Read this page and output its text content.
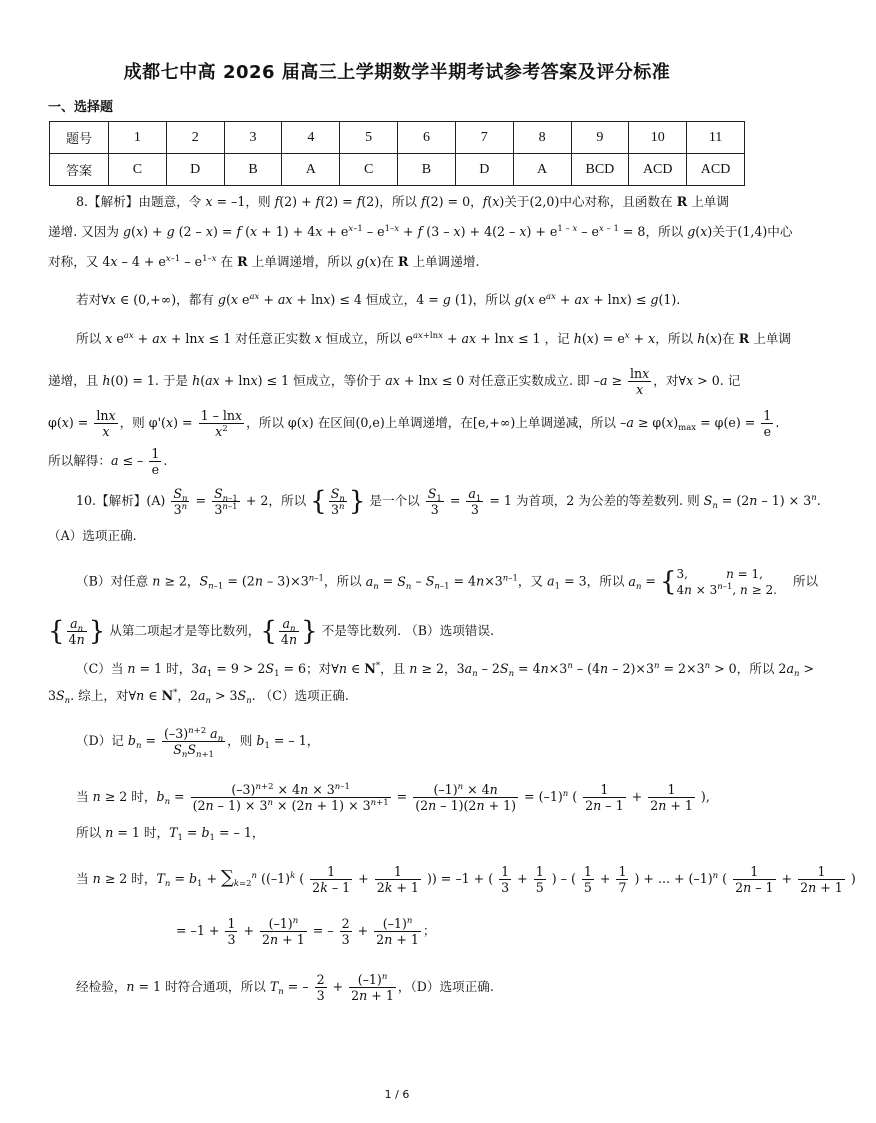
成都七中高 2026 届高三上学期数学半期考试参考答案及评分标准
一、选择题
题号	1	2	3	4	5	6	7	8	9	10	11
答案	C	D	B	A	C	B	D	A	BCD	ACD	ACD
8.【解析】由题意，令 x = –1，则 f(2) + f(2) = f(2)，所以 f(2) = 0，f(x)关于(2,0)中心对称，且函数在 R 上单调
递增. 又因为 g(x) + g (2 – x) = f $(x + 1) + 4x + e^{x-1} - e^{1-x} + f$ $(3 - x) + 4(2 - x) + e^{1 - x} - e^{x - 1} = 8$，所以 g(x)关于(1,4)中心
对称，又 $4x - 4 + e^{x-1} - e^{1-x}$ 在 R 上单调递增，所以 g(x)在 R 上单调递增.
若对∀x ∈ (0,+∞)，都有 g(x $e^{ax}$ + ax + lnx) ≤ 4 恒成立，4 = g (1)，所以 g(x $e^{ax}$ + ax + lnx) ≤ g(1).
所以 x $e^{ax}$ + ax + lnx ≤ 1 对任意正实数 x 恒成立，所以 $e^{ax+lnx}$ + ax + lnx ≤ 1 ，记 $h(x) = e^x + x$，所以 h(x)在 R 上单调
递增，且 h(0) = 1. 于是 h(ax + lnx) ≤ 1 恒成立，等价于 ax + lnx ≤ 0 对任意正实数成立. 即 $-a \ge \frac{\ln x}{x}$ ，对∀x > 0. 记
$\varphi(x) = \frac{\ln x}{x}$ ，则 $\varphi'(x) = \frac{1 - \ln x}{x^2}$ ，所以 φ(x) 在区间(0,e)上单调递增，在[e,+∞)上单调递减，所以 $-a \ge \varphi(x)_{max} = \varphi(e) = \frac{1}{e}$ .
所以解得：a ≤ – $\frac{1}{e}$ .
10.【解析】$(A) \frac{S_n}{3^n} = \frac{S_{n-1}}{3^{n-1}} + 2$，所以 { $\frac{S_n}{3^n}$ } 是一个以 $\frac{S_1}{3} = \frac{a_1}{3} = 1$ 为首项，2 为公差的等差数列. 则 $S_n = (2n - 1) \times 3^n$.
（A）选项正确.
（B）对任意 n ≥ 2，$S_{n-1} = (2n - 3)\times 3^{n-1}$，所以 $a_n = S_n - S_{n-1} = 4n\times 3^{n-1}$，又 $a_1 = 3$，所以 $a_n = \{3$,          n = 1,
$4n \times 3^{n-1}$, n ≥ 2.    所以
{ $\frac{a_n}{4n}$ } 从第二项起才是等比数列，{ $\frac{a_n}{4n}$ } 不是等比数列. （B）选项错误.
（C）当 n = 1 时，$3a_1 = 9 > 2S_1 = 6$；对∀n ∈ N*，且 n ≥ 2，$3a_n - 2S_n = 4n\times 3^n - (4n - 2)\times 3^n = 2\times 3^n > 0$，所以 $2a_n$ >
$3S_n$. 综上，对∀n ∈ N*，$2a_n > 3S_n$. （C）选项正确.
（D）记 $b_n = \frac{(-3)^{n+2} a_n}{S_nS_{n+1}}$ ，则 $b_1$ = – 1，
当 n ≥ 2 时，$b_n = \frac{(-3)^{n+2} \times 4n \times 3^{n-1}}{(2n - 1) \times 3^n \times (2n + 1) \times 3^{n+1}} = \frac{(-1)^n \times 4n}{(2n - 1)(2n + 1)} = (-1)^n$ ( $\frac{1}{2n - 1} + \frac{1}{2n + 1}$ ),
所以 n = 1 时，$T_1 = b_1$ = – 1，
当 n ≥ 2 时，$T_n = b_1 + \sum_{k=2}^n$ ($(-1)^k$ ( $\frac{1}{2k - 1} + \frac{1}{2k + 1}$ )) = –1 + ( $\frac{1}{3} + \frac{1}{5}$ ) – ( $\frac{1}{5} + \frac{1}{7}$ ) + ... + $(-1)^n$ ( $\frac{1}{2n - 1} + \frac{1}{2n + 1}$ )
= $-1 + \frac{1}{3} + \frac{(-1)^n}{2n + 1}$ = – $\frac{2}{3} + \frac{(-1)^n}{2n + 1}$ ；
经检验，n = 1 时符合通项，所以 $T_n$ = – $\frac{2}{3} + \frac{(-1)^n}{2n + 1}$ ，（D）选项正确.
1 / 6
